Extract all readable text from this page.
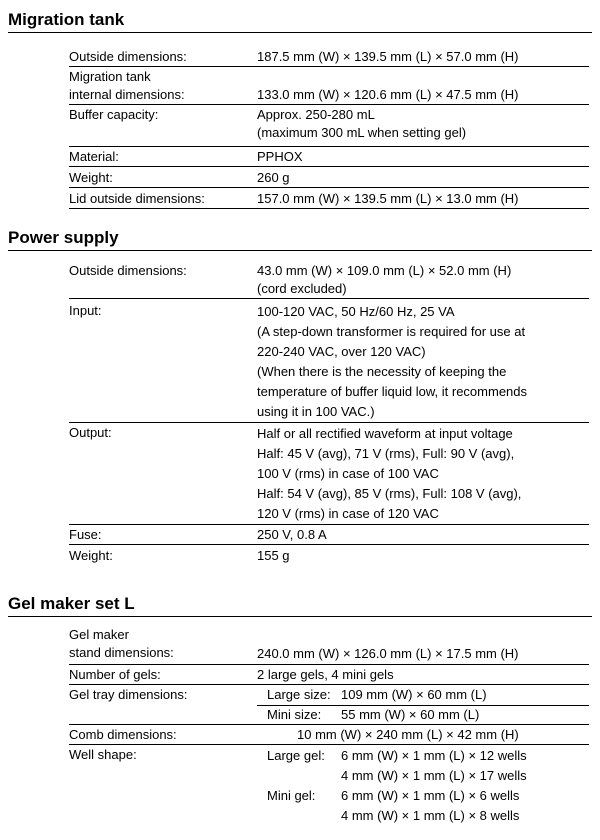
Migration tank
Outside dimensions:	187.5 mm (W) × 139.5 mm (L) × 57.0 mm (H)
Migration tank
internal dimensions:	133.0 mm (W) × 120.6 mm (L) × 47.5 mm (H)
Buffer capacity:	Approx. 250-280 mL
(maximum 300 mL when setting gel)
Material:	PPHOX
Weight:	260 g
Lid outside dimensions:	157.0 mm (W) × 139.5 mm (L) × 13.0 mm (H)
Power supply
Outside dimensions:	43.0 mm (W) × 109.0 mm (L) × 52.0 mm (H)
(cord excluded)
Input:	100-120 VAC, 50 Hz/60 Hz, 25 VA
(A step-down transformer is required for use at
220-240 VAC, over 120 VAC)
(When there is the necessity of keeping the
temperature of buffer liquid low, it recommends
using it in 100 VAC.)
Output:	Half or all rectified waveform at input voltage
Half: 45 V (avg), 71 V (rms), Full: 90 V (avg),
100 V (rms) in case of 100 VAC
Half: 54 V (avg), 85 V (rms), Full: 108 V (avg),
120 V (rms) in case of 120 VAC
Fuse:	250 V, 0.8 A
Weight:	155 g
Gel maker set L
Gel maker
stand dimensions:	240.0 mm (W) × 126.0 mm (L) × 17.5 mm (H)
Number of gels:	2 large gels, 4 mini gels
Gel tray dimensions:	Large size: 109 mm (W) × 60 mm (L)
Mini size: 55 mm (W) × 60 mm (L)
Comb dimensions:	10 mm (W) × 240 mm (L) × 42 mm (H)
Well shape:	Large gel: 6 mm (W) × 1 mm (L) × 12 wells
4 mm (W) × 1 mm (L) × 17 wells
Mini gel: 6 mm (W) × 1 mm (L) × 6 wells
4 mm (W) × 1 mm (L) × 8 wells
